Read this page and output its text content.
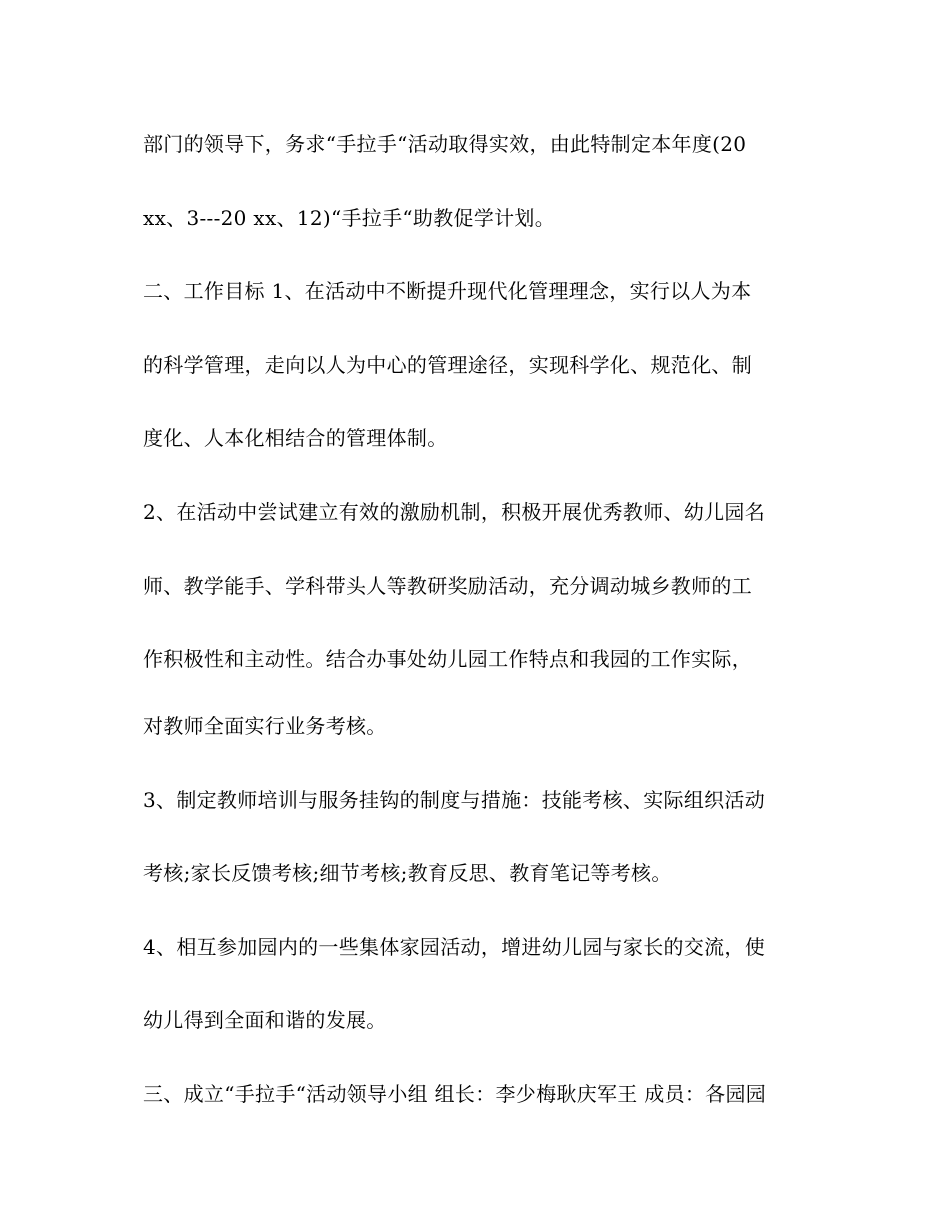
部门的领导下，务求“手拉手“活动取得实效，由此特制定本年度(20
xx、3---20 xx、12)“手拉手“助教促学计划。
二、工作目标 1、在活动中不断提升现代化管理理念，实行以人为本
的科学管理，走向以人为中心的管理途径，实现科学化、规范化、制
度化、人本化相结合的管理体制。
2、在活动中尝试建立有效的激励机制，积极开展优秀教师、幼儿园名
师、教学能手、学科带头人等教研奖励活动，充分调动城乡教师的工
作积极性和主动性。结合办事处幼儿园工作特点和我园的工作实际，
对教师全面实行业务考核。
3、制定教师培训与服务挂钩的制度与措施：技能考核、实际组织活动
考核;家长反馈考核;细节考核;教育反思、教育笔记等考核。
4、相互参加园内的一些集体家园活动，增进幼儿园与家长的交流，使
幼儿得到全面和谐的发展。
三、成立“手拉手“活动领导小组 组长：李少梅耿庆军王 成员：各园园
